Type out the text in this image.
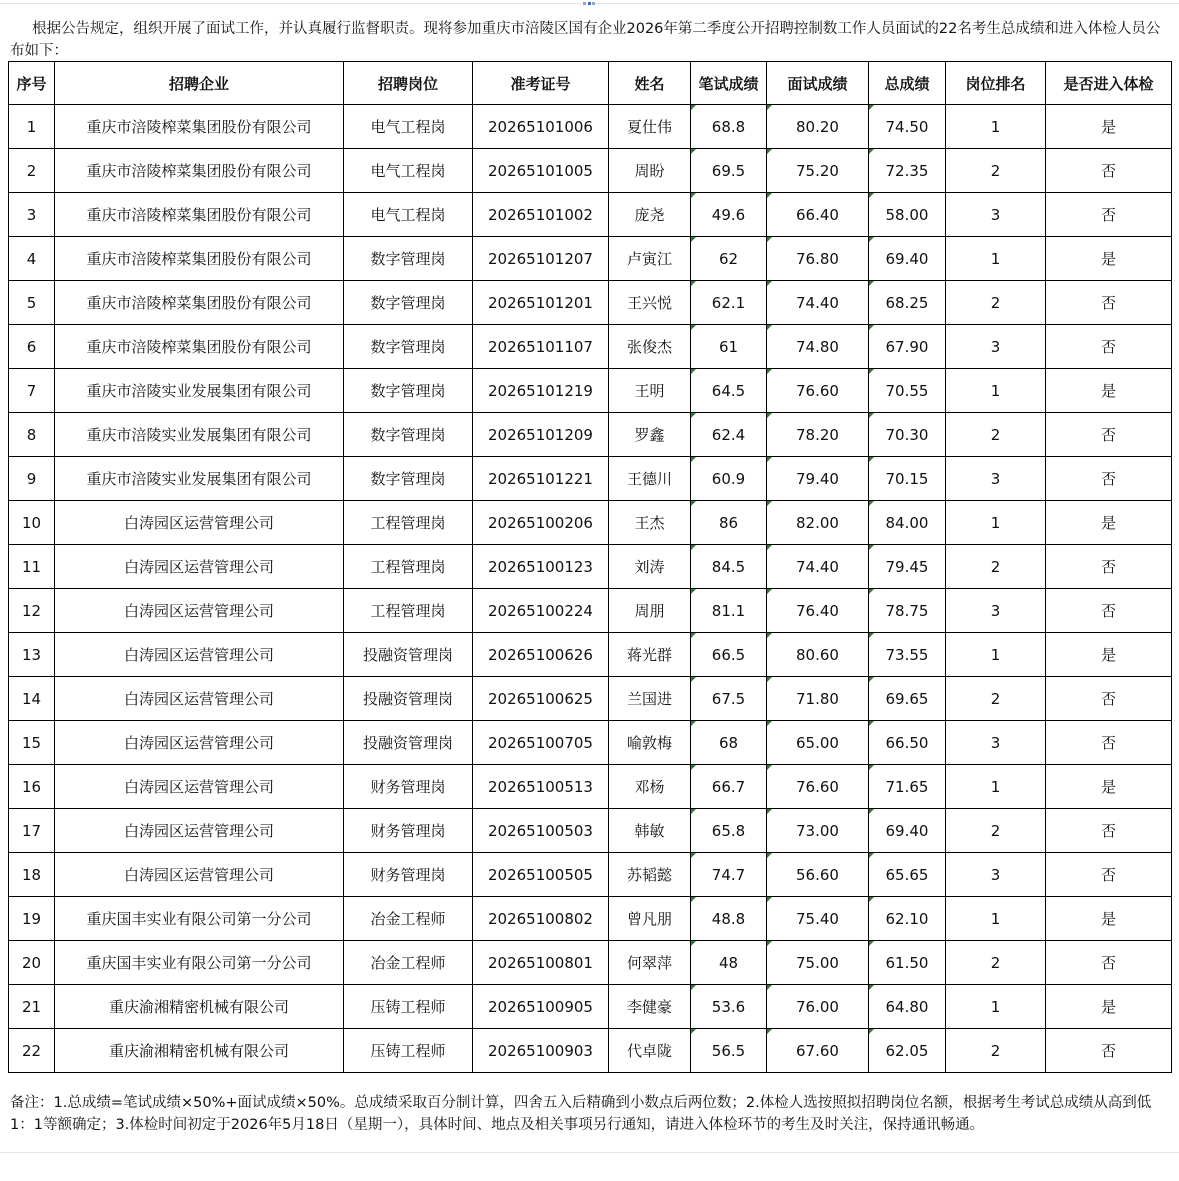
根据公告规定，组织开展了面试工作，并认真履行监督职责。现将参加重庆市涪陵区国有企业2026年第二季度公开招聘控制数工作人员面试的22名考生总成绩和进入体检人员公布如下：

序号	招聘企业	招聘岗位	准考证号	姓名	笔试成绩	面试成绩	总成绩	岗位排名	是否进入体检
1	重庆市涪陵榨菜集团股份有限公司	电气工程岗	20265101006	夏仕伟	68.8	80.20	74.50	1	是
2	重庆市涪陵榨菜集团股份有限公司	电气工程岗	20265101005	周盼	69.5	75.20	72.35	2	否
3	重庆市涪陵榨菜集团股份有限公司	电气工程岗	20265101002	庞尧	49.6	66.40	58.00	3	否
4	重庆市涪陵榨菜集团股份有限公司	数字管理岗	20265101207	卢寅江	62	76.80	69.40	1	是
5	重庆市涪陵榨菜集团股份有限公司	数字管理岗	20265101201	王兴悦	62.1	74.40	68.25	2	否
6	重庆市涪陵榨菜集团股份有限公司	数字管理岗	20265101107	张俊杰	61	74.80	67.90	3	否
7	重庆市涪陵实业发展集团有限公司	数字管理岗	20265101219	王明	64.5	76.60	70.55	1	是
8	重庆市涪陵实业发展集团有限公司	数字管理岗	20265101209	罗鑫	62.4	78.20	70.30	2	否
9	重庆市涪陵实业发展集团有限公司	数字管理岗	20265101221	王德川	60.9	79.40	70.15	3	否
10	白涛园区运营管理公司	工程管理岗	20265100206	王杰	86	82.00	84.00	1	是
11	白涛园区运营管理公司	工程管理岗	20265100123	刘涛	84.5	74.40	79.45	2	否
12	白涛园区运营管理公司	工程管理岗	20265100224	周朋	81.1	76.40	78.75	3	否
13	白涛园区运营管理公司	投融资管理岗	20265100626	蒋光群	66.5	80.60	73.55	1	是
14	白涛园区运营管理公司	投融资管理岗	20265100625	兰国进	67.5	71.80	69.65	2	否
15	白涛园区运营管理公司	投融资管理岗	20265100705	喻敦梅	68	65.00	66.50	3	否
16	白涛园区运营管理公司	财务管理岗	20265100513	邓杨	66.7	76.60	71.65	1	是
17	白涛园区运营管理公司	财务管理岗	20265100503	韩敏	65.8	73.00	69.40	2	否
18	白涛园区运营管理公司	财务管理岗	20265100505	苏韬懿	74.7	56.60	65.65	3	否
19	重庆国丰实业有限公司第一分公司	冶金工程师	20265100802	曾凡朋	48.8	75.40	62.10	1	是
20	重庆国丰实业有限公司第一分公司	冶金工程师	20265100801	何翠萍	48	75.00	61.50	2	否
21	重庆渝湘精密机械有限公司	压铸工程师	20265100905	李健豪	53.6	76.00	64.80	1	是
22	重庆渝湘精密机械有限公司	压铸工程师	20265100903	代卓陇	56.5	67.60	62.05	2	否

备注：1.总成绩=笔试成绩×50%+面试成绩×50%。总成绩采取百分制计算，四舍五入后精确到小数点后两位数；2.体检人选按照拟招聘岗位名额，根据考生考试总成绩从高到低1：1等额确定；3.体检时间初定于2026年5月18日（星期一），具体时间、地点及相关事项另行通知，请进入体检环节的考生及时关注，保持通讯畅通。
